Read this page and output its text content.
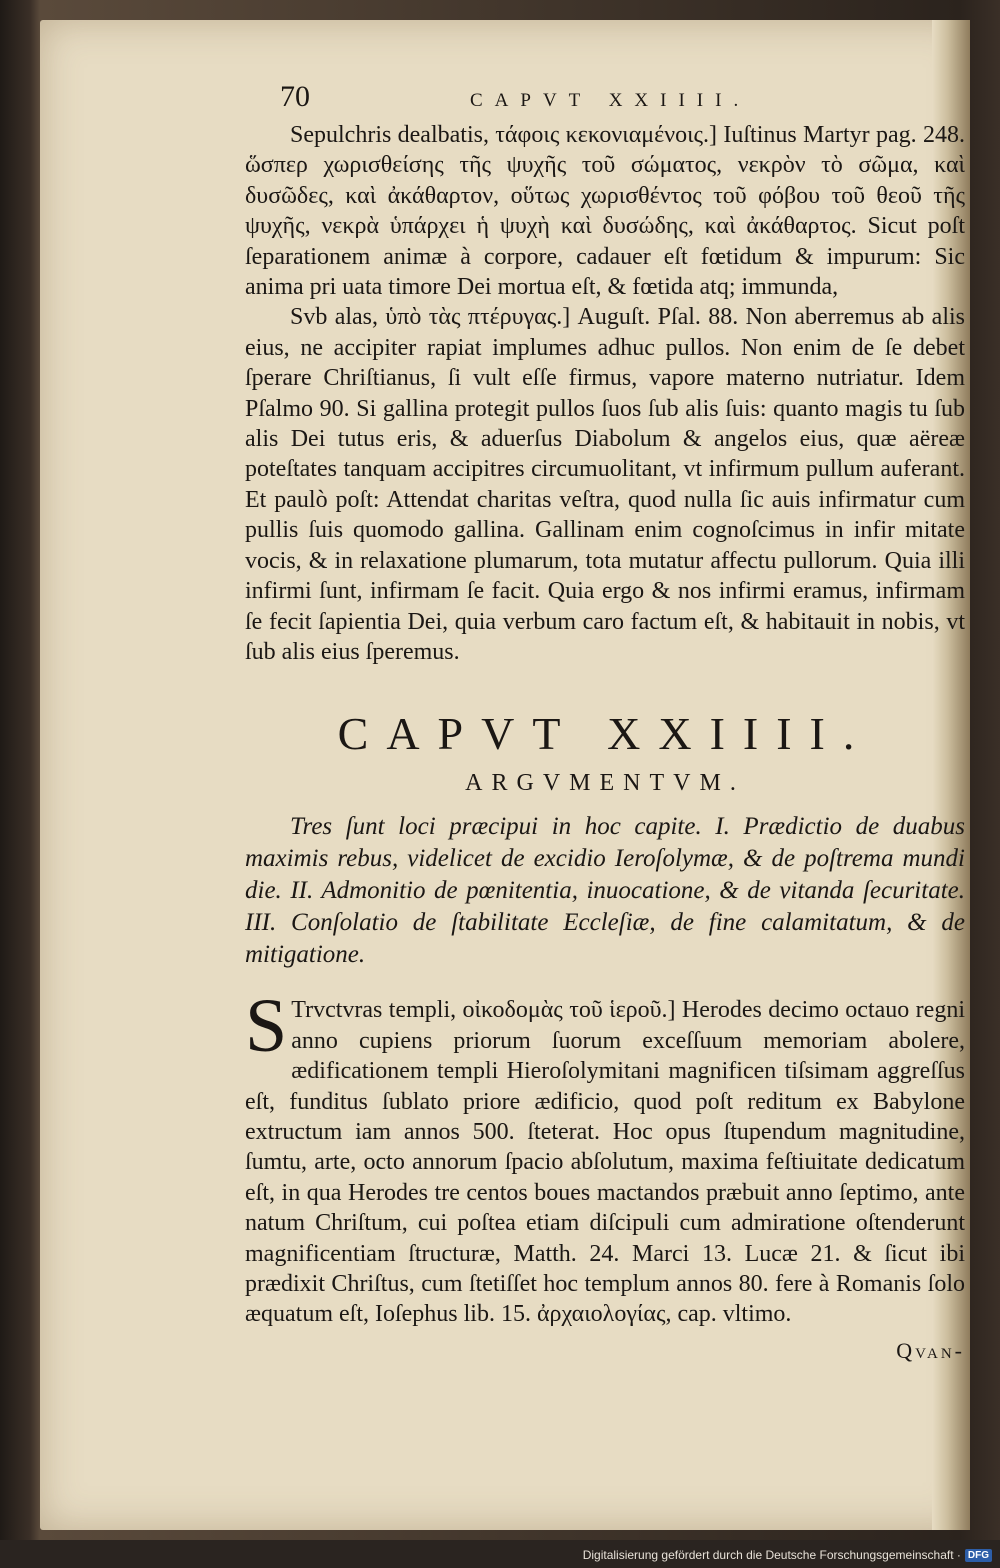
70	CAPVT XXIIII.

Sepulchris dealbatis, τάφοις κεκονιαμένοις.] Iuſtinus Martyr pag. 248. ὥσπερ χωρισθείσης τῆς ψυχῆς τοῦ σώματος, νεκρὸν τὸ σῶμα, καὶ δυσῶδες, καὶ ἀκάθαρτον, οὕτως χωρισθέντος τοῦ φόβου τοῦ θεοῦ τῆς ψυχῆς, νεκρὰ ὑπάρχει ἡ ψυχὴ καὶ δυσώδης, καὶ ἀκάθαρτος. Sicut poſt ſeparationem animæ à corpore, cadauer eſt fœtidum & impurum: Sic anima pri uata timore Dei mortua eſt, & fœtida atq; immunda,

Svb alas, ὑπὸ τὰς πτέρυγας.] Auguſt. Pſal. 88. Non aberremus ab alis eius, ne accipiter rapiat implumes adhuc pullos. Non enim de ſe debet ſperare Chriſtianus, ſi vult eſſe firmus, vapore materno nutriatur. Idem Pſalmo 90. Si gallina protegit pullos ſuos ſub alis ſuis: quanto magis tu ſub alis Dei tutus eris, & aduerſus Diabolum & angelos eius, quæ aëreæ poteſtates tanquam accipitres circumuolitant, vt infirmum pullum auferant. Et paulò poſt: Attendat charitas veſtra, quod nulla ſic auis infirmatur cum pullis ſuis quomodo gallina. Gallinam enim cognoſcimus in infir mitate vocis, & in relaxatione plumarum, tota mutatur affectu pullorum. Quia illi infirmi ſunt, infirmam ſe facit. Quia ergo & nos infirmi eramus, infirmam ſe fecit ſapientia Dei, quia verbum caro factum eſt, & habitauit in nobis, vt ſub alis eius ſperemus.

CAPVT XXIIII.
ARGVMENTVM.

Tres ſunt loci præcipui in hoc capite. I. Prædictio de duabus maximis rebus, videlicet de excidio Ieroſolymæ, & de poſtrema mundi die. II. Admonitio de pœnitentia, inuocatione, & de vitanda ſecuritate. III. Conſolatio de ſtabilitate Eccleſiæ, de fine calamitatum, & de mitigatione.

S Trvctvras templi, οἰκοδομὰς τοῦ ἱεροῦ.] Herodes decimo octauo regni anno cupiens priorum ſuorum exceſſuum memoriam abolere, ædificationem templi Hieroſolymitani magnificen tiſsimam aggreſſus eſt, funditus ſublato priore ædificio, quod poſt reditum ex Babylone extructum iam annos 500. ſteterat. Hoc opus ſtupendum magnitudine, ſumtu, arte, octo annorum ſpacio abſolutum, maxima feſtiuitate dedicatum eſt, in qua Herodes tre centos boues mactandos præbuit anno ſeptimo, ante natum Chriſtum, cui poſtea etiam diſcipuli cum admiratione oſtenderunt magnificentiam ſtructuræ, Matth. 24. Marci 13. Lucæ 21. & ſicut ibi prædixit Chriſtus, cum ſtetiſſet hoc templum annos 80. fere à Romanis ſolo æquatum eſt, Ioſephus lib. 15. ἀρχαιολογίας, cap. vltimo.

Qvan-
Digitalisierung gefördert durch die Deutsche Forschungsgemeinschaft · DFG
